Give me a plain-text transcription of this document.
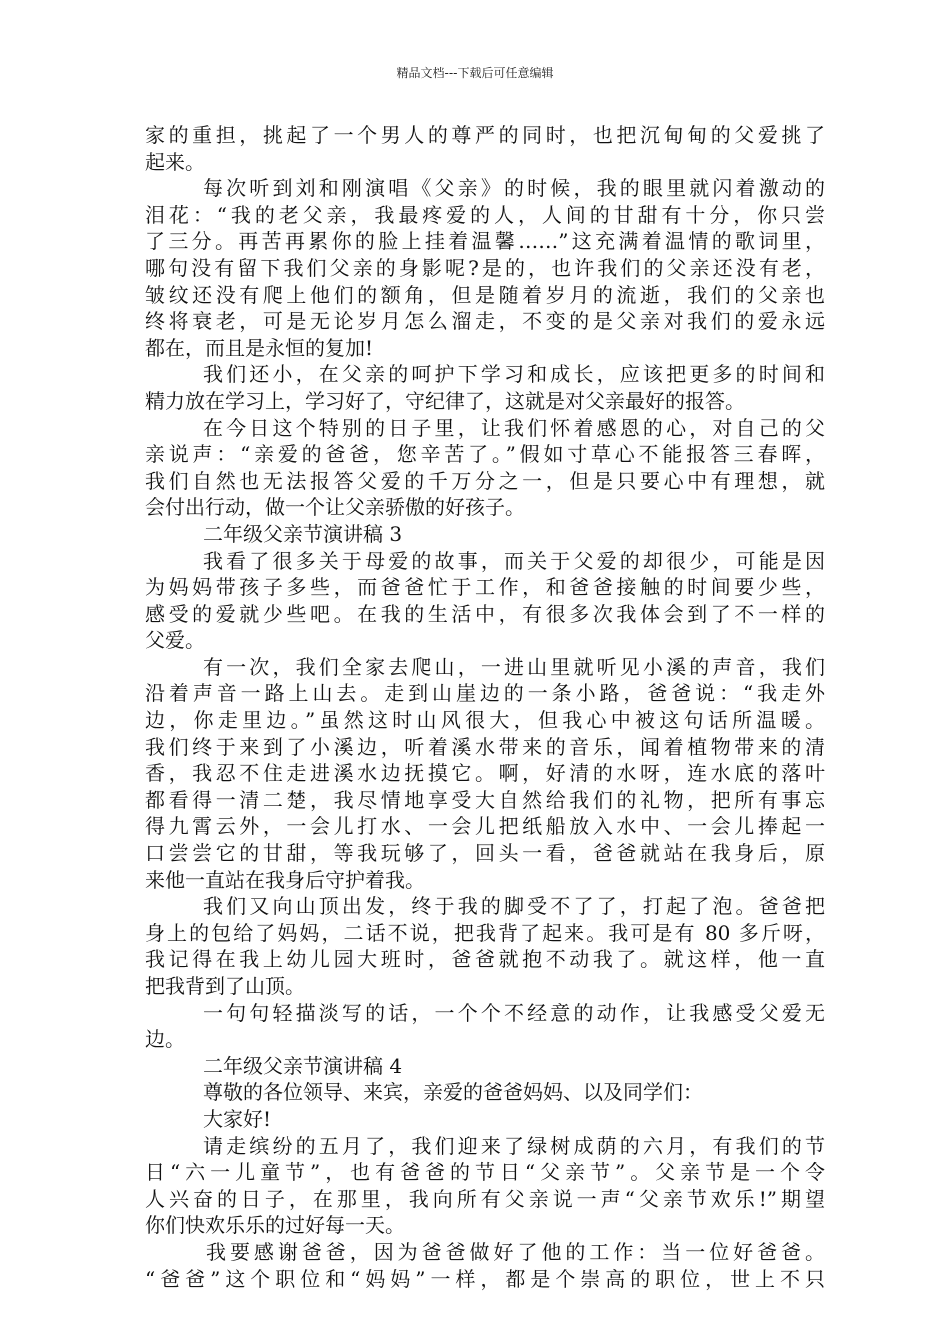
精品文档---下载后可任意编辑
家的重担，挑起了一个男人的尊严的同时，也把沉甸甸的父爱挑了
起来。
每次听到刘和刚演唱《父亲》的时候，我的眼里就闪着激动的
泪花：“我的老父亲，我最疼爱的人，人间的甘甜有十分，你只尝
了三分。再苦再累你的脸上挂着温馨……”这充满着温情的歌词里，
哪句没有留下我们父亲的身影呢?是的，也许我们的父亲还没有老，
皱纹还没有爬上他们的额角，但是随着岁月的流逝，我们的父亲也
终将衰老，可是无论岁月怎么溜走，不变的是父亲对我们的爱永远
都在，而且是永恒的复加!
我们还小，在父亲的呵护下学习和成长，应该把更多的时间和
精力放在学习上，学习好了，守纪律了，这就是对父亲最好的报答。
在今日这个特别的日子里，让我们怀着感恩的心，对自己的父
亲说声：“亲爱的爸爸，您辛苦了。”假如寸草心不能报答三春晖，
我们自然也无法报答父爱的千万分之一，但是只要心中有理想，就
会付出行动，做一个让父亲骄傲的好孩子。
二年级父亲节演讲稿 3
我看了很多关于母爱的故事，而关于父爱的却很少，可能是因
为妈妈带孩子多些，而爸爸忙于工作，和爸爸接触的时间要少些，
感受的爱就少些吧。在我的生活中，有很多次我体会到了不一样的
父爱。
有一次，我们全家去爬山，一进山里就听见小溪的声音，我们
沿着声音一路上山去。走到山崖边的一条小路，爸爸说：“我走外
边，你走里边。”虽然这时山风很大，但我心中被这句话所温暖。
我们终于来到了小溪边，听着溪水带来的音乐，闻着植物带来的清
香，我忍不住走进溪水边抚摸它。啊，好清的水呀，连水底的落叶
都看得一清二楚，我尽情地享受大自然给我们的礼物，把所有事忘
得九霄云外，一会儿打水、一会儿把纸船放入水中、一会儿捧起一
口尝尝它的甘甜，等我玩够了，回头一看，爸爸就站在我身后，原
来他一直站在我身后守护着我。
我们又向山顶出发，终于我的脚受不了了，打起了泡。爸爸把
身上的包给了妈妈，二话不说，把我背了起来。我可是有 80 多斤呀，
我记得在我上幼儿园大班时，爸爸就抱不动我了。就这样，他一直
把我背到了山顶。
一句句轻描淡写的话，一个个不经意的动作，让我感受父爱无
边。
二年级父亲节演讲稿 4
尊敬的各位领导、来宾，亲爱的爸爸妈妈、以及同学们：
大家好!
请走缤纷的五月了，我们迎来了绿树成荫的六月，有我们的节
日“六一儿童节”，也有爸爸的节日“父亲节”。父亲节是一个令
人兴奋的日子，在那里，我向所有父亲说一声“父亲节欢乐!”期望
你们快欢乐乐的过好每一天。
我要感谢爸爸，因为爸爸做好了他的工作：当一位好爸爸。
“爸爸”这个职位和“妈妈”一样，都是个崇高的职位，世上不只
